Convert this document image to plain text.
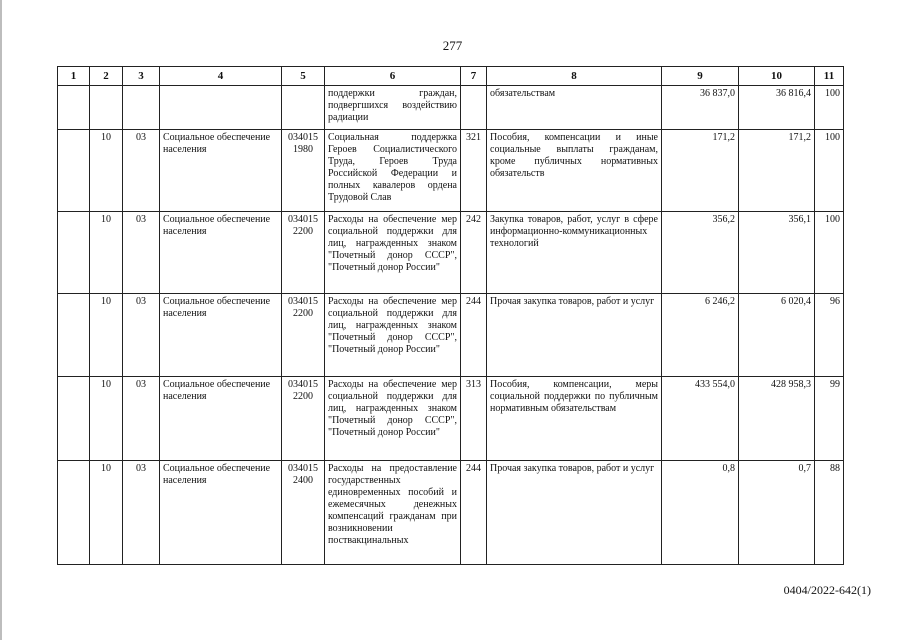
277
1	2	3	4	5	6	7	8	9	10	11
					поддержки граждан, подвергшихся воздействию радиации		обязательствам	36 837,0	36 816,4	100
	10	03	Социальное обеспечение населения	034015 1980	Социальная поддержка Героев Социалистического Труда, Героев Труда Российской Федерации и полных кавалеров ордена Трудовой Слав	321	Пособия, компенсации и иные социальные выплаты гражданам, кроме публичных нормативных обязательств	171,2	171,2	100
	10	03	Социальное обеспечение населения	034015 2200	Расходы на обеспечение мер социальной поддержки для лиц, награжденных знаком "Почетный донор СССР", "Почетный донор России"	242	Закупка товаров, работ, услуг в сфере информационно-коммуникационных технологий	356,2	356,1	100
	10	03	Социальное обеспечение населения	034015 2200	Расходы на обеспечение мер социальной поддержки для лиц, награжденных знаком "Почетный донор СССР", "Почетный донор России"	244	Прочая закупка товаров, работ и услуг	6 246,2	6 020,4	96
	10	03	Социальное обеспечение населения	034015 2200	Расходы на обеспечение мер социальной поддержки для лиц, награжденных знаком "Почетный донор СССР", "Почетный донор России"	313	Пособия, компенсации, меры социальной поддержки по публичным нормативным обязательствам	433 554,0	428 958,3	99
	10	03	Социальное обеспечение населения	034015 2400	Расходы на предоставление государственных единовременных пособий и ежемесячных денежных компенсаций гражданам при возникновении поствакцинальных	244	Прочая закупка товаров, работ и услуг	0,8	0,7	88
0404/2022-642(1)
